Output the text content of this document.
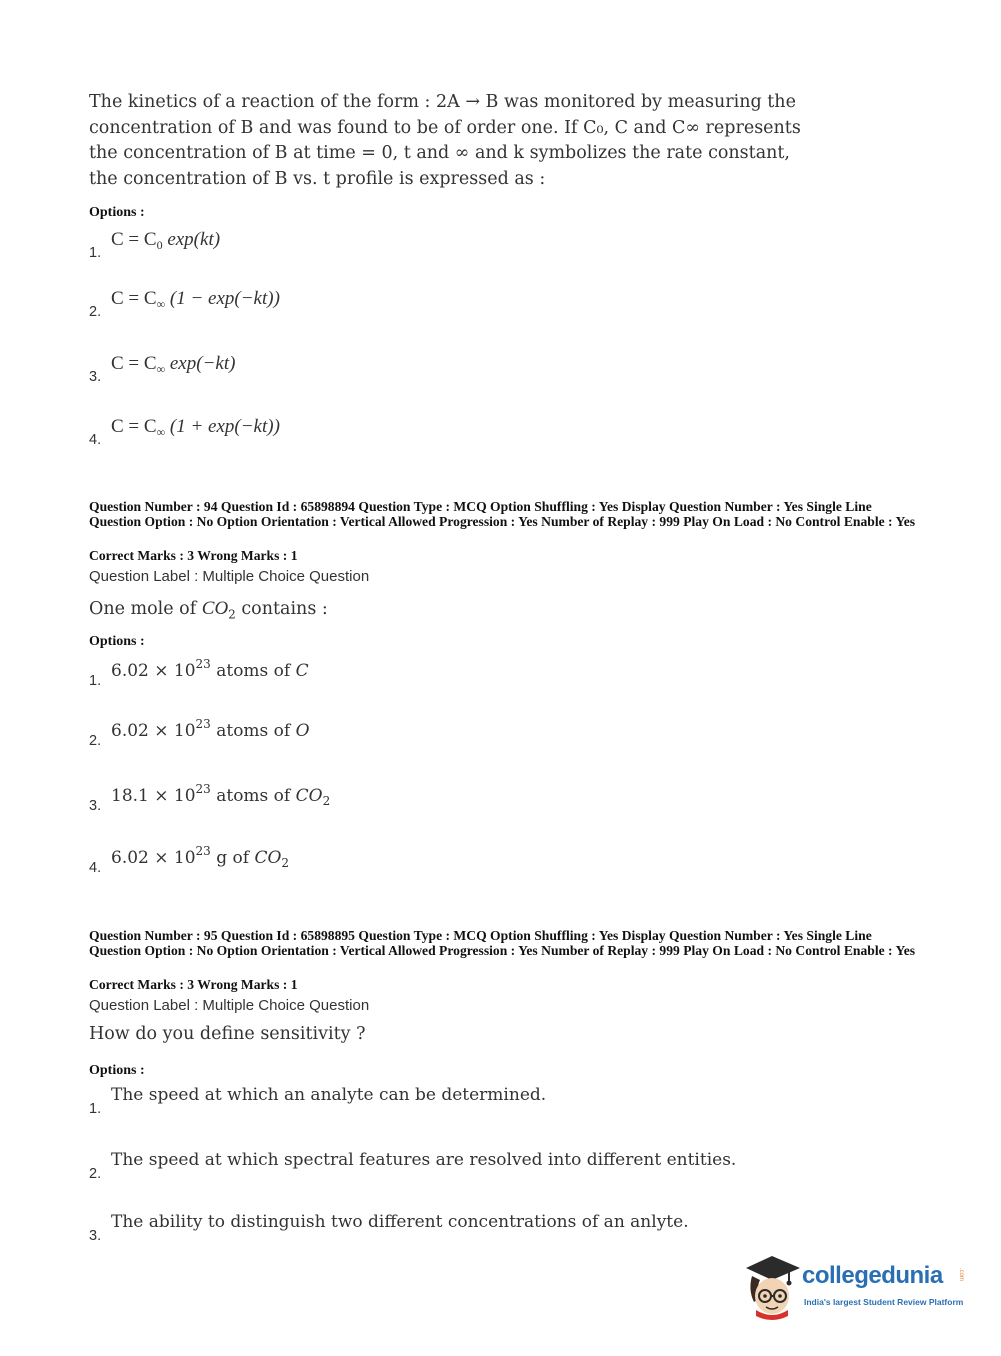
The kinetics of a reaction of the form : 2A → B was monitored by measuring the concentration of B and was found to be of order one. If C₀, C and C∞ represents the concentration of B at time = 0, t and ∞ and k symbolizes the rate constant, the concentration of B vs. t profile is expressed as :
Options :
1.
$C = C_0$ exp(kt)
2.
$C = C_\infty$ (1 − exp(−kt))
3.
$C = C_\infty$ exp(−kt)
4.
$C = C_\infty$ (1 + exp(−kt))
Question Number : 94 Question Id : 65898894 Question Type : MCQ Option Shuffling : Yes Display Question Number : Yes Single Line Question Option : No Option Orientation : Vertical Allowed Progression : Yes Number of Replay : 999 Play On Load : No Control Enable : Yes
Correct Marks : 3 Wrong Marks : 1
Question Label : Multiple Choice Question
One mole of $CO_2$ contains :
Options :
1. $6.02 \times 10^{23}$ atoms of C
2. $6.02 \times 10^{23}$ atoms of O
3. $18.1 \times 10^{23}$ atoms of $CO_2$
4. $6.02 \times 10^{23}$ g of $CO_2$
Question Number : 95 Question Id : 65898895 Question Type : MCQ Option Shuffling : Yes Display Question Number : Yes Single Line Question Option : No Option Orientation : Vertical Allowed Progression : Yes Number of Replay : 999 Play On Load : No Control Enable : Yes
Correct Marks : 3 Wrong Marks : 1
Question Label : Multiple Choice Question
How do you define sensitivity ?
Options :
1.
The speed at which an analyte can be determined.
2.
The speed at which spectral features are resolved into different entities.
3.
The ability to distinguish two different concentrations of an anlyte.
collegedunia	.com
India's largest Student Review Platform
